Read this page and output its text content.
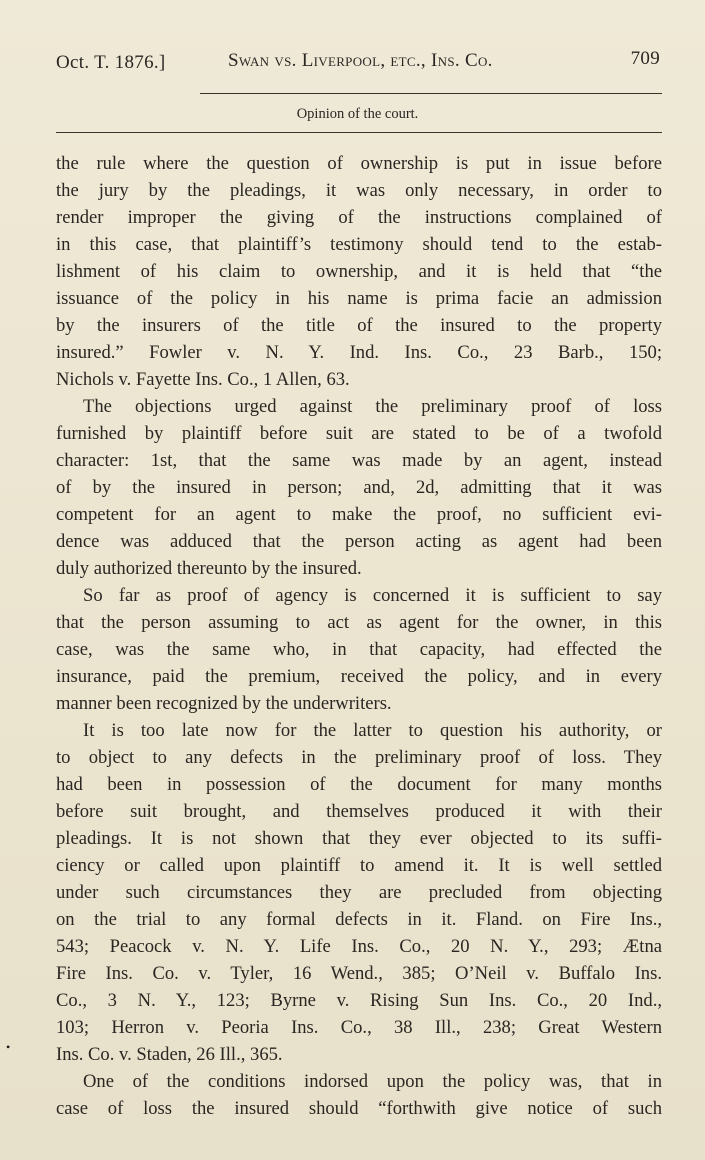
Oct. T. 1876.]	Swan vs. Liverpool, etc., Ins. Co.	709
Opinion of the court.
the rule where the question of ownership is put in issue before
the jury by the pleadings, it was only necessary, in order to
render improper the giving of the instructions complained of
in this case, that plaintiff’s testimony should tend to the estab-
lishment of his claim to ownership, and it is held that “the
issuance of the policy in his name is prima facie an admission
by the insurers of the title of the insured to the property
insured.” Fowler v. N. Y. Ind. Ins. Co., 23 Barb., 150;
Nichols v. Fayette Ins. Co., 1 Allen, 63.
The objections urged against the preliminary proof of loss
furnished by plaintiff before suit are stated to be of a twofold
character: 1st, that the same was made by an agent, instead
of by the insured in person; and, 2d, admitting that it was
competent for an agent to make the proof, no sufficient evi-
dence was adduced that the person acting as agent had been
duly authorized thereunto by the insured.
So far as proof of agency is concerned it is sufficient to say
that the person assuming to act as agent for the owner, in this
case, was the same who, in that capacity, had effected the
insurance, paid the premium, received the policy, and in every
manner been recognized by the underwriters.
It is too late now for the latter to question his authority, or
to object to any defects in the preliminary proof of loss. They
had been in possession of the document for many months
before suit brought, and themselves produced it with their
pleadings. It is not shown that they ever objected to its suffi-
ciency or called upon plaintiff to amend it. It is well settled
under such circumstances they are precluded from objecting
on the trial to any formal defects in it. Fland. on Fire Ins.,
543; Peacock v. N. Y. Life Ins. Co., 20 N. Y., 293; Ætna
Fire Ins. Co. v. Tyler, 16 Wend., 385; O’Neil v. Buffalo Ins.
Co., 3 N. Y., 123; Byrne v. Rising Sun Ins. Co., 20 Ind.,
103; Herron v. Peoria Ins. Co., 38 Ill., 238; Great Western
Ins. Co. v. Staden, 26 Ill., 365.
One of the conditions indorsed upon the policy was, that in
case of loss the insured should “forthwith give notice of such
•
